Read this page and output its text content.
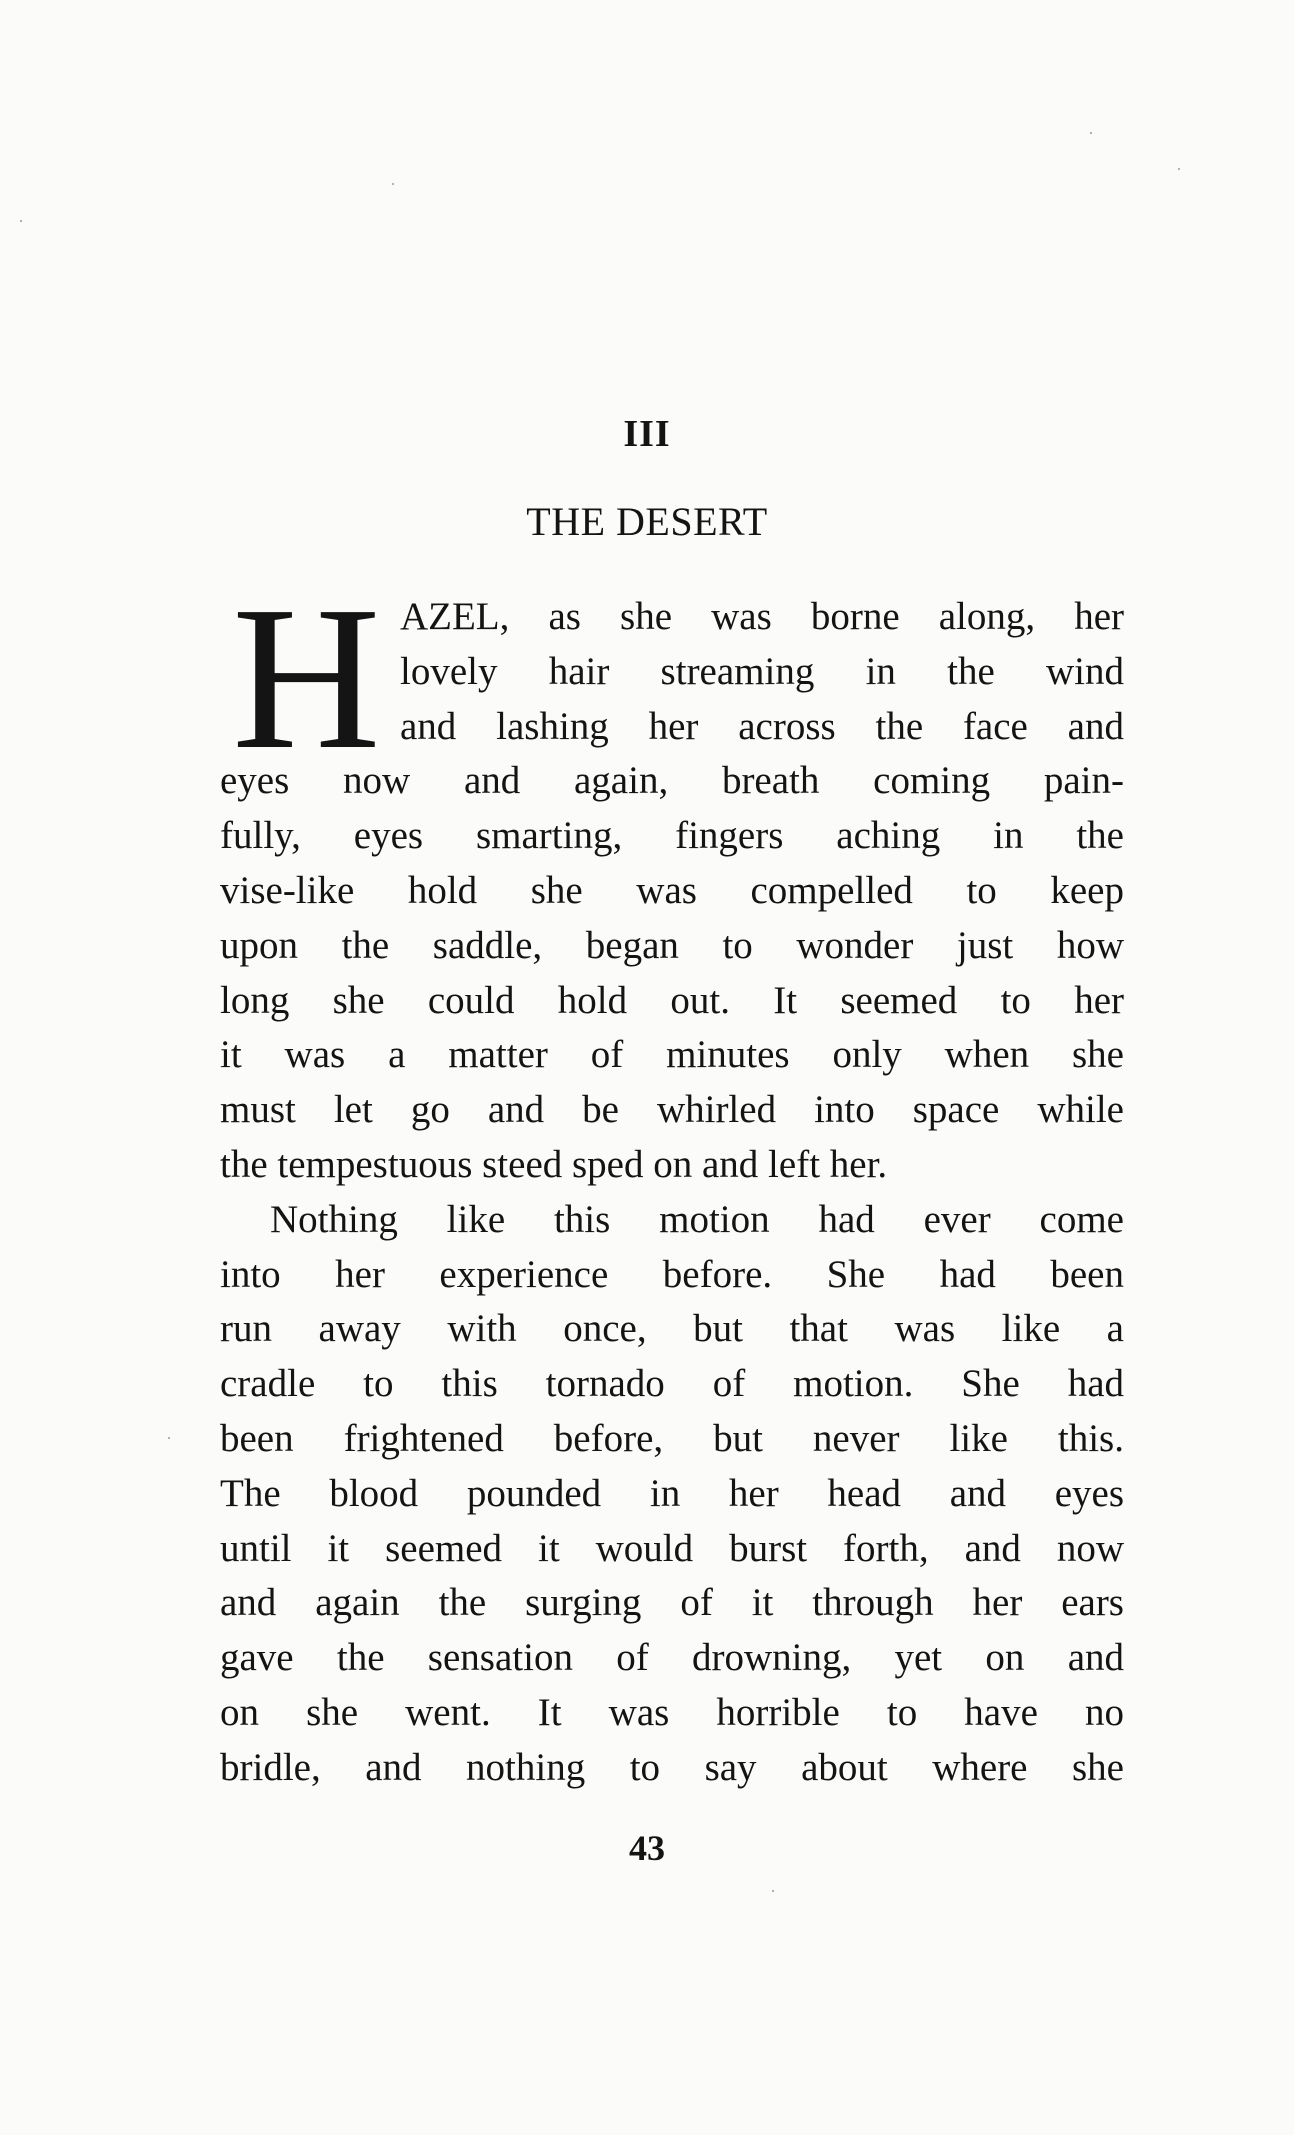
III
THE DESERT
H AZEL, as she was borne along, her
lovely hair streaming in the wind
and lashing her across the face and
eyes now and again, breath coming pain-
fully, eyes smarting, fingers aching in the
vise-like hold she was compelled to keep
upon the saddle, began to wonder just how
long she could hold out. It seemed to her
it was a matter of minutes only when she
must let go and be whirled into space while
the tempestuous steed sped on and left her.
Nothing like this motion had ever come
into her experience before. She had been
run away with once, but that was like a
cradle to this tornado of motion. She had
been frightened before, but never like this.
The blood pounded in her head and eyes
until it seemed it would burst forth, and now
and again the surging of it through her ears
gave the sensation of drowning, yet on and
on she went. It was horrible to have no
bridle, and nothing to say about where she
43
